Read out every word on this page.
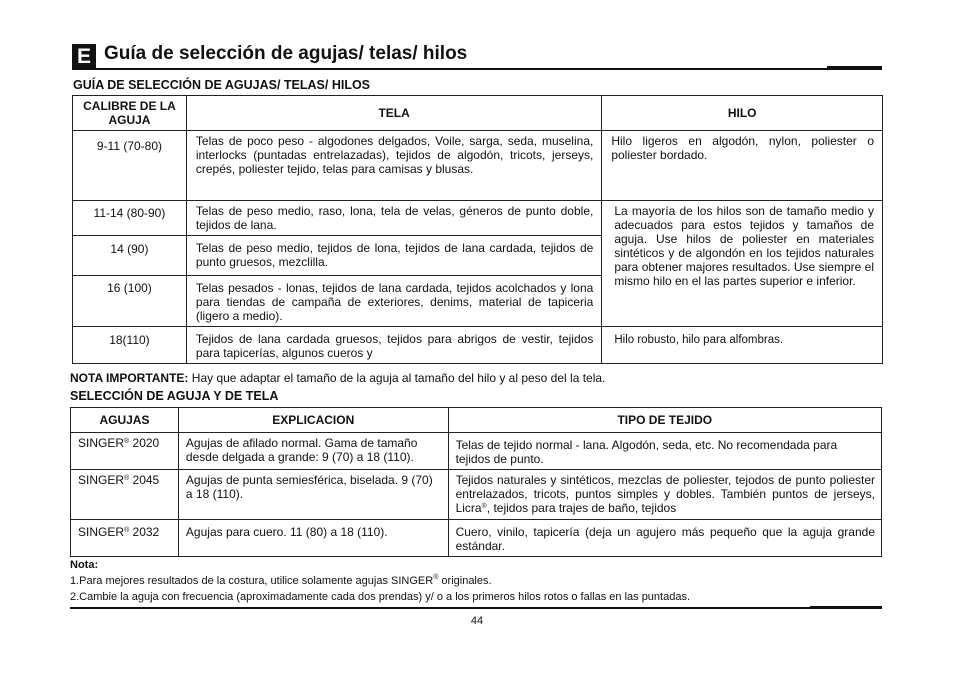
E Guía de selección de agujas/ telas/ hilos
GUÍA DE SELECCIÓN DE AGUJAS/ TELAS/ HILOS
CALIBRE DE LA AGUJA	TELA	HILO
9-11 (70-80)	Telas de poco peso - algodones delgados, Voile, sarga, seda, muselina, interlocks (puntadas entrelazadas), tejidos de algodón, tricots, jerseys, crepés, poliester tejido, telas para camisas y blusas.	Hilo ligeros en algodón, nylon, poliester o poliester bordado.
11-14 (80-90)	Telas de peso medio, raso, lona, tela de velas, géneros de punto doble, tejidos de lana.	La mayoría de los hilos son de tamaño medio y adecuados para estos tejidos y tamaños de aguja. Use hilos de poliester en materiales sintéticos y de algondón en los tejidos naturales para obtener majores resultados. Use siempre el mismo hilo en el las partes superior e inferior.
14 (90)	Telas de peso medio, tejidos de lona, tejidos de lana cardada, tejidos de punto gruesos, mezclilla.	
16 (100)	Telas pesados - lonas, tejidos de lana cardada, tejidos acolchados y lona para tiendas de campaña de exteriores, denims, material de tapiceria (ligero a medio).	
18(110)	Tejidos de lana cardada gruesos, tejidos para abrigos de vestir, tejidos para tapicerías, algunos cueros y	Hilo robusto, hilo para alfombras.
NOTA IMPORTANTE: Hay que adaptar el tamaño de la aguja al tamaño del hilo y al peso del la tela.
SELECCIÓN DE AGUJA Y DE TELA
AGUJAS	EXPLICACION	TIPO DE TEJIDO
SINGER® 2020	Agujas de afilado normal. Gama de tamaño desde delgada a grande: 9 (70) a 18 (110).	Telas de tejido normal - lana. Algodón, seda, etc. No recomendada para tejidos de punto.
SINGER® 2045	Agujas de punta semiesférica, biselada. 9 (70) a 18 (110).	Tejidos naturales y sintéticos, mezclas de poliester, tejodos de punto poliester entrelazados, tricots, puntos simples y dobles. También puntos de jerseys, Licra®, tejidos para trajes de baño, tejidos
SINGER® 2032	Agujas para cuero. 11 (80) a 18 (110).	Cuero, vinilo, tapicería (deja un agujero más pequeño que la aguja grande estándar.
Nota:
1.Para mejores resultados de la costura, utilice solamente agujas SINGER® originales.
2.Cambie la aguja con frecuencia (aproximadamente cada dos prendas) y/ o a los primeros hilos rotos o fallas en las puntadas.
44
